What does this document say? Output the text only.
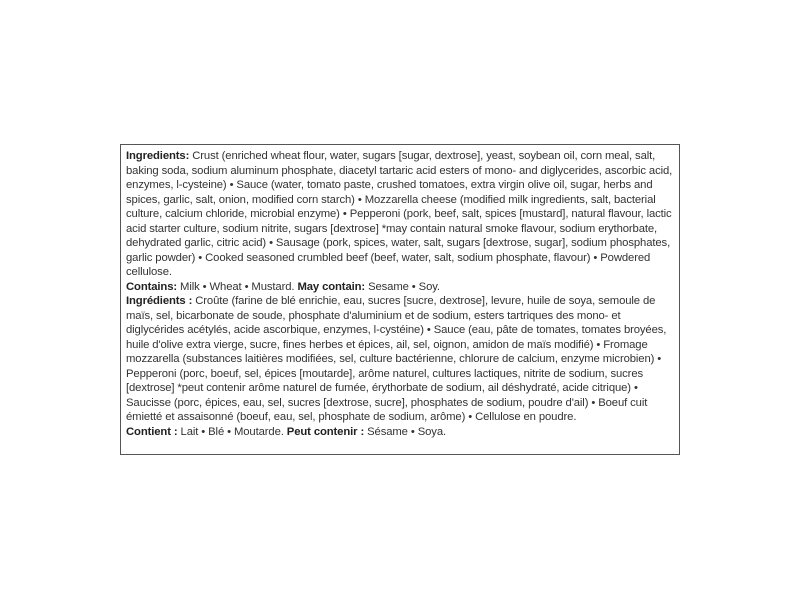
Ingredients: Crust (enriched wheat flour, water, sugars [sugar, dextrose], yeast, soybean oil, corn meal, salt, baking soda, sodium aluminum phosphate, diacetyl tartaric acid esters of mono- and diglycerides, ascorbic acid, enzymes, l-cysteine) • Sauce (water, tomato paste, crushed tomatoes, extra virgin olive oil, sugar, herbs and spices, garlic, salt, onion, modified corn starch) • Mozzarella cheese (modified milk ingredients, salt, bacterial culture, calcium chloride, microbial enzyme) • Pepperoni (pork, beef, salt, spices [mustard], natural flavour, lactic acid starter culture, sodium nitrite, sugars [dextrose] *may contain natural smoke flavour, sodium erythorbate, dehydrated garlic, citric acid) • Sausage (pork, spices, water, salt, sugars [dextrose, sugar], sodium phosphates, garlic powder) • Cooked seasoned crumbled beef (beef, water, salt, sodium phosphate, flavour) • Powdered cellulose.

Contains: Milk • Wheat • Mustard. May contain: Sesame • Soy.

Ingrédients : Croûte (farine de blé enrichie, eau, sucres [sucre, dextrose], levure, huile de soya, semoule de maïs, sel, bicarbonate de soude, phosphate d'aluminium et de sodium, esters tartriques des mono- et diglycérides acétylés, acide ascorbique, enzymes, l-cystéine) • Sauce (eau, pâte de tomates, tomates broyées, huile d'olive extra vierge, sucre, fines herbes et épices, ail, sel, oignon, amidon de maïs modifié) • Fromage mozzarella (substances laitières modifiées, sel, culture bactérienne, chlorure de calcium, enzyme microbien) • Pepperoni (porc, boeuf, sel, épices [moutarde], arôme naturel, cultures lactiques, nitrite de sodium, sucres [dextrose] *peut contenir arôme naturel de fumée, érythorbate de sodium, ail déshydraté, acide citrique) • Saucisse (porc, épices, eau, sel, sucres [dextrose, sucre], phosphates de sodium, poudre d'ail) • Boeuf cuit émietté et assaisonné (boeuf, eau, sel, phosphate de sodium, arôme) • Cellulose en poudre.

Contient : Lait • Blé • Moutarde. Peut contenir : Sésame • Soya.
